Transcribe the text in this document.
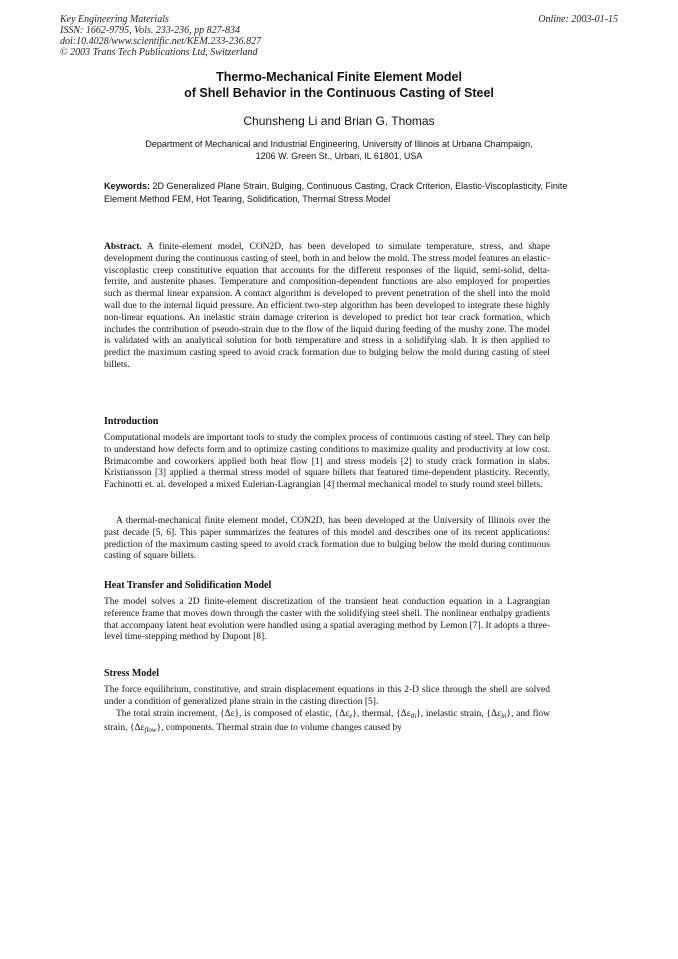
Key Engineering Materials
ISSN: 1662-9795, Vols. 233-236, pp 827-834
doi:10.4028/www.scientific.net/KEM.233-236.827
© 2003 Trans Tech Publications Ltd, Switzerland
Online: 2003-01-15
Thermo-Mechanical Finite Element Model
of Shell Behavior in the Continuous Casting of Steel
Chunsheng Li and Brian G. Thomas
Department of Mechanical and Industrial Engineering, University of Illinois at Urbana Champaign,
1206 W. Green St., Urban, IL 61801, USA
Keywords: 2D Generalized Plane Strain, Bulging, Continuous Casting, Crack Criterion, Elastic-Viscoplasticity, Finite Element Method FEM, Hot Tearing, Solidification, Thermal Stress Model
Abstract. A finite-element model, CON2D, has been developed to simulate temperature, stress, and shape development during the continuous casting of steel, both in and below the mold. The stress model features an elastic-viscoplastic creep constitutive equation that accounts for the different responses of the liquid, semi-solid, delta-ferrite, and austenite phases. Temperature and composition-dependent functions are also employed for properties such as thermal linear expansion. A contact algorithm is developed to prevent penetration of the shell into the mold wall due to the internal liquid pressure. An efficient two-step algorithm has been developed to integrate these highly non-linear equations. An inelastic strain damage criterion is developed to predict hot tear crack formation, which includes the contribution of pseudo-strain due to the flow of the liquid during feeding of the mushy zone. The model is validated with an analytical solution for both temperature and stress in a solidifying slab. It is then applied to predict the maximum casting speed to avoid crack formation due to bulging below the mold during casting of steel billets.
Introduction
Computational models are important tools to study the complex process of continuous casting of steel. They can help to understand how defects form and to optimize casting conditions to maximize quality and productivity at low cost. Brimacombe and coworkers applied both heat flow [1] and stress models [2] to study crack formation in slabs. Kristiansson [3] applied a thermal stress model of square billets that featured time-dependent plasticity. Recently, Fachinotti et. al. developed a mixed Eulerian-Lagrangian [4] thermal mechanical model to study round steel billets.
A thermal-mechanical finite element model, CON2D, has been developed at the University of Illinois over the past decade [5, 6]. This paper summarizes the features of this model and describes one of its recent applications: prediction of the maximum casting speed to avoid crack formation due to bulging below the mold during continuous casting of square billets.
Heat Transfer and Solidification Model
The model solves a 2D finite-element discretization of the transient heat conduction equation in a Lagrangian reference frame that moves down through the caster with the solidifying steel shell. The nonlinear enthalpy gradients that accompany latent heat evolution were handled using a spatial averaging method by Lemon [7]. It adopts a three-level time-stepping method by Dupont [8].
Stress Model
The force equilibrium, constitutive, and strain displacement equations in this 2-D slice through the shell are solved under a condition of generalized plane strain in the casting direction [5].
The total strain increment, {Δε}, is composed of elastic, $\{\Delta\varepsilon_e\}$, thermal, $\{\Delta\varepsilon_{th}\}$, inelastic strain, $\{\Delta\varepsilon_{in}\}$, and flow strain, $\{\Delta\varepsilon_{flow}\}$, components. Thermal strain due to volume changes caused by
